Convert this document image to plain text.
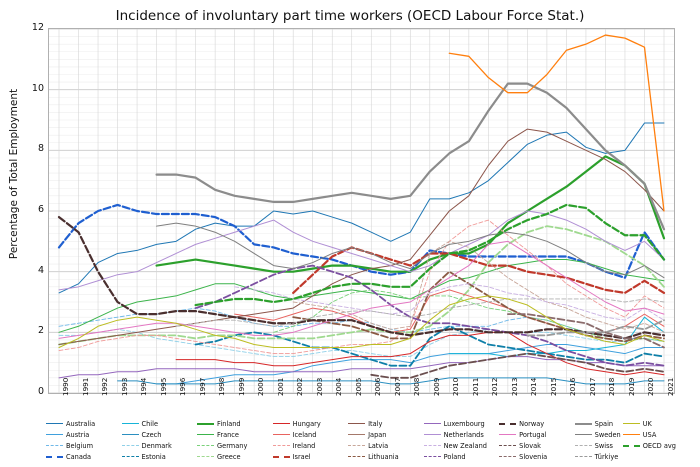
Incidence of involuntary part time workers (OECD Labour Force Stat.)
0
2
4
6
8
10
12
1990 1991 1992 1993 1994 1995 1996 1997 1998 1999 2000 2001 2002 2003 2004 2005 2006 2007 2008 2009 2010 2011 2012 2013 2014 2015 2016 2017 2018 2019 2020 2021
Percentage of Total Employment
Australia
Austria
Belgium
Canada
Chile
Czech
Denmark
Estonia
Finland
France
Germany
Greece
Hungary
Iceland
Ireland
Israel
Italy
Japan
Latvia
Lithuania
Luxembourg
Netherlands
New Zealand
Poland
Norway
Portugal
Slovak
Slovenia
Spain
Sweden
Swiss
Türkiye
UK
USA
OECD avg
